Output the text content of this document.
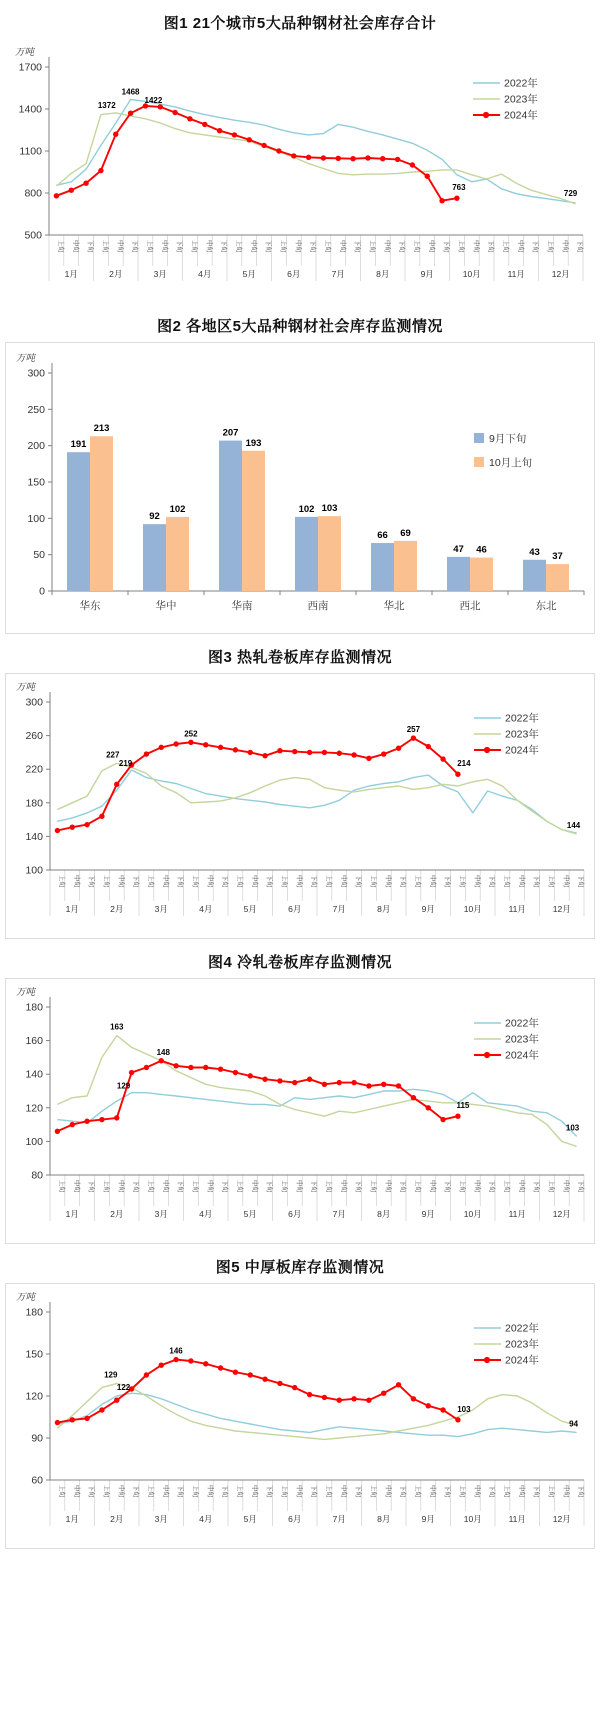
图1 21个城市5大品种钢材社会库存合计
上旬	中旬	下旬	上旬	中旬	下旬	上旬	中旬	下旬	上旬	中旬	下旬	上旬	中旬	下旬	上旬	中旬	下旬	上旬	中旬	下旬	上旬	中旬	下旬	上旬	中旬	下旬	上旬	中旬	下旬	上旬	中旬	下旬	上旬	中旬	下旬
1月	2月	3月	4月	5月	6月	7月	8月	9月	10月	11月	12月
500
800
1100
1400
1700
万吨
1372
1468
1422
763
729
2022年
2023年
2024年
图2 各地区5大品种钢材社会库存监测情况
0
50
100
150
200
250
300
万吨
191
92
207
102
66
47	43
213
102
193
103
69
46
37
华东	华中	华南	西南	华北	西北	东北
9月下旬
10月上旬
图3 热轧卷板库存监测情况
上旬	中旬	下旬	上旬	中旬	下旬	上旬	中旬	下旬	上旬	中旬	下旬	上旬	中旬	下旬	上旬	中旬	下旬	上旬	中旬	下旬	上旬	中旬	下旬	上旬	中旬	下旬	上旬	中旬	下旬	上旬	中旬	下旬	上旬	中旬	下旬
1月	2月	3月	4月	5月	6月	7月	8月	9月	10月	11月	12月
100
140
180
220
260
300
万吨
227
219
252	257
214
144
2022年
2023年
2024年
图4 冷轧卷板库存监测情况
上旬	中旬	下旬	上旬	中旬	下旬	上旬	中旬	下旬	上旬	中旬	下旬	上旬	中旬	下旬	上旬	中旬	下旬	上旬	中旬	下旬	上旬	中旬	下旬	上旬	中旬	下旬	上旬	中旬	下旬	上旬	中旬	下旬	上旬	中旬	下旬
1月	2月	3月	4月	5月	6月	7月	8月	9月	10月	11月	12月
80
100
120
140
160
180
万吨
163
129
148
115
103
2022年
2023年
2024年
图5 中厚板库存监测情况
上旬	中旬	下旬	上旬	中旬	下旬	上旬	中旬	下旬	上旬	中旬	下旬	上旬	中旬	下旬	上旬	中旬	下旬	上旬	中旬	下旬	上旬	中旬	下旬	上旬	中旬	下旬	上旬	中旬	下旬	上旬	中旬	下旬	上旬	中旬	下旬
1月	2月	3月	4月	5月	6月	7月	8月	9月	10月	11月	12月
60
90
120
150
180
万吨
129
122
146
103
94
2022年
2023年
2024年
